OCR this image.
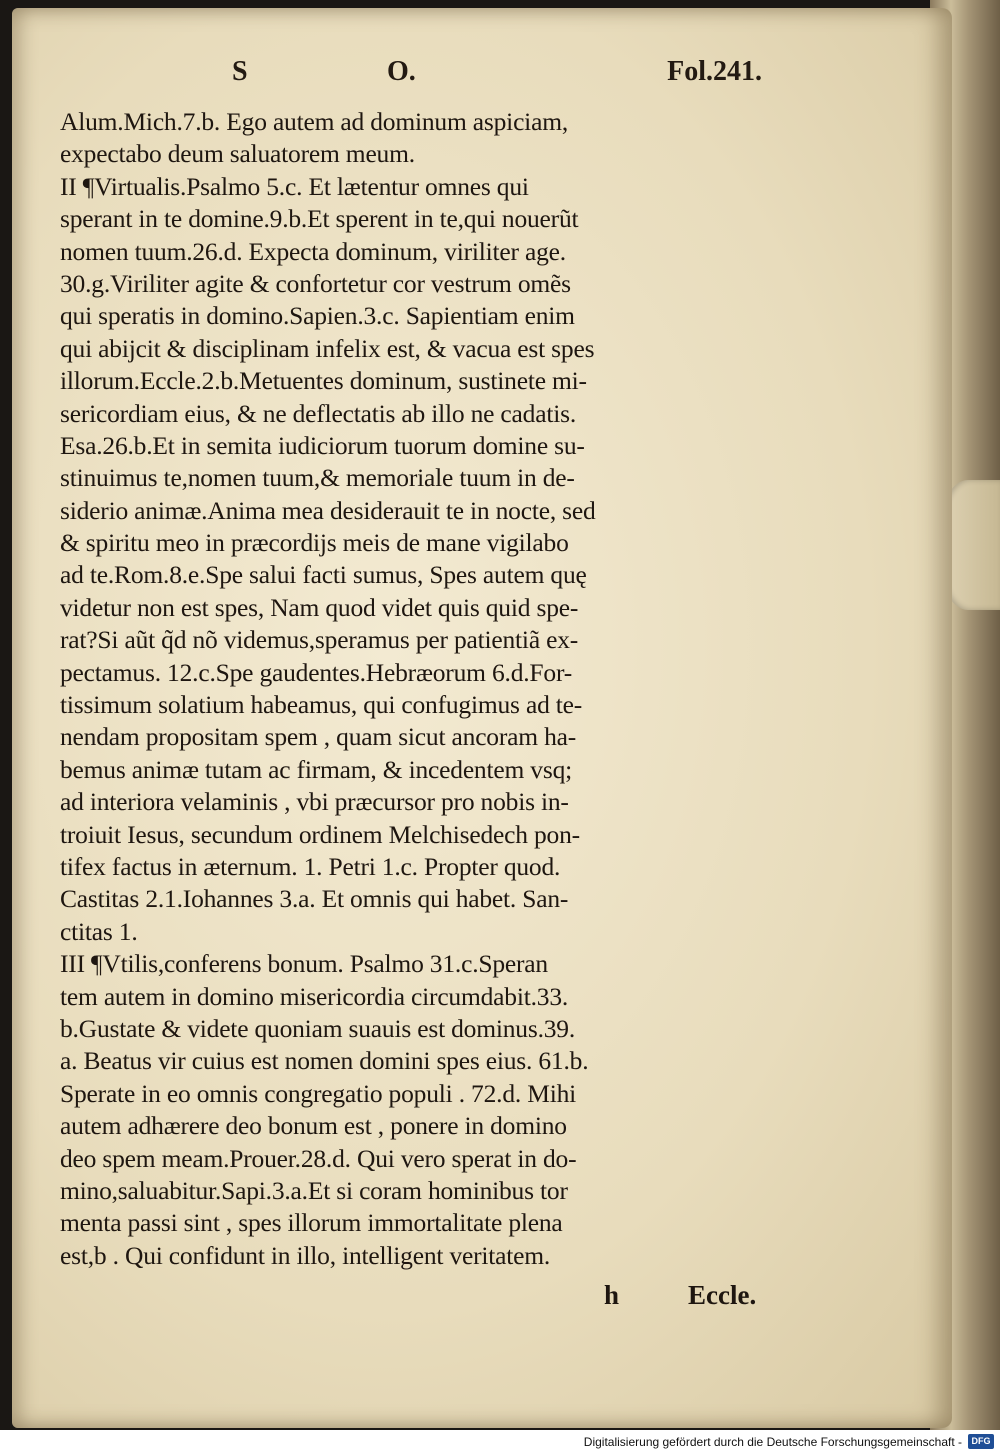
S	O.	Fol.241.
Alum.Mich.7.b. Ego autem ad dominum aspiciam,
expectabo deum saluatorem meum.
II ¶Virtualis.Psalmo 5.c. Et lætentur omnes qui
sperant in te domine.9.b.Et sperent in te,qui nouerũt
nomen tuum.26.d. Expecta dominum, viriliter age.
30.g.Viriliter agite & confortetur cor vestrum omẽs
qui speratis in domino.Sapien.3.c. Sapientiam enim
qui abijcit & disciplinam infelix est, & vacua est spes
illorum.Eccle.2.b.Metuentes dominum, sustinete mi-
sericordiam eius, & ne deflectatis ab illo ne cadatis.
Esa.26.b.Et in semita iudiciorum tuorum domine su-
stinuimus te,nomen tuum,& memoriale tuum in de-
siderio animæ.Anima mea desiderauit te in nocte, sed
& spiritu meo in præcordijs meis de mane vigilabo
ad te.Rom.8.e.Spe salui facti sumus, Spes autem quę
videtur non est spes, Nam quod videt quis quid spe-
rat?Si aũt q̃d nõ videmus,speramus per patientiã ex-
pectamus. 12.c.Spe gaudentes.Hebræorum 6.d.For-
tissimum solatium habeamus, qui confugimus ad te-
nendam propositam spem , quam sicut ancoram ha-
bemus animæ tutam ac firmam, & incedentem vsq;
ad interiora velaminis , vbi præcursor pro nobis in-
troiuit Iesus, secundum ordinem Melchisedech pon-
tifex factus in æternum. 1. Petri 1.c. Propter quod.
Castitas 2.1.Iohannes 3.a. Et omnis qui habet. San-
ctitas 1.
III ¶Vtilis,conferens bonum. Psalmo 31.c.Speran
tem autem in domino misericordia circumdabit.33.
b.Gustate & videte quoniam suauis est dominus.39.
a. Beatus vir cuius est nomen domini spes eius. 61.b.
Sperate in eo omnis congregatio populi . 72.d. Mihi
autem adhærere deo bonum est , ponere in domino
deo spem meam.Prouer.28.d. Qui vero sperat in do-
mino,saluabitur.Sapi.3.a.Et si coram hominibus tor
menta passi sint , spes illorum immortalitate plena
est,b . Qui confidunt in illo, intelligent veritatem.
h	Eccle.
Digitalisierung gefördert durch die Deutsche Forschungsgemeinschaft -	DFG
